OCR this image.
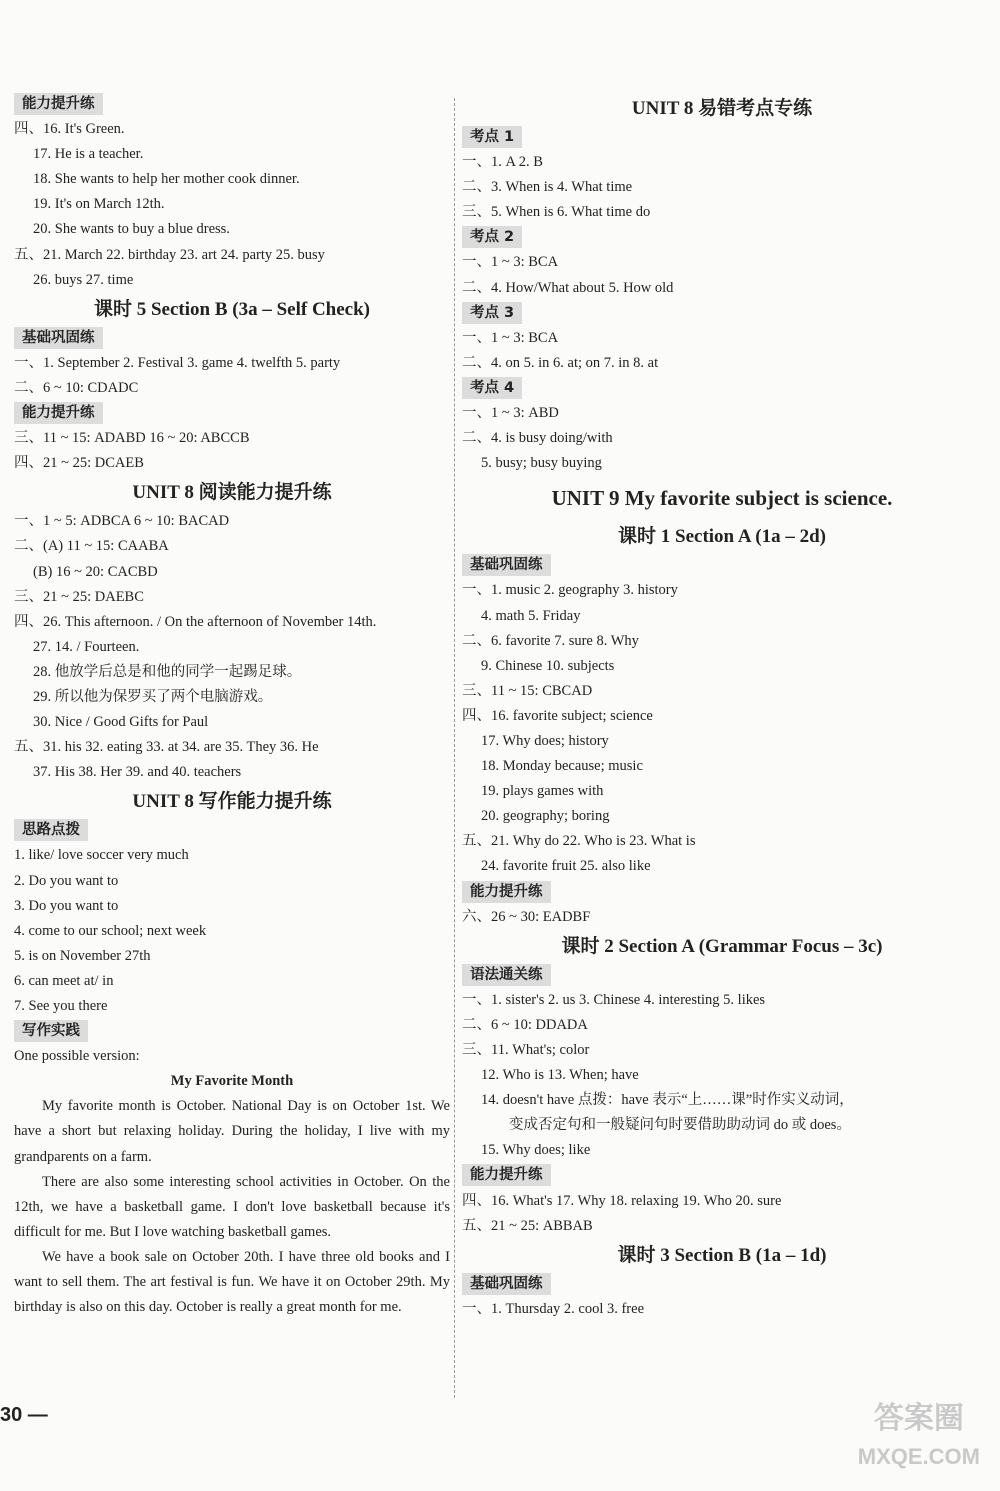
能力提升练
四、16. It's Green.
17. He is a teacher.
18. She wants to help her mother cook dinner.
19. It's on March 12th.
20. She wants to buy a blue dress.
五、21. March 22. birthday 23. art 24. party 25. busy
26. buys 27. time
课时 5 Section B (3a – Self Check)
基础巩固练
一、1. September 2. Festival 3. game 4. twelfth 5. party
二、6 ~ 10: CDADC
能力提升练
三、11 ~ 15: ADABD 16 ~ 20: ABCCB
四、21 ~ 25: DCAEB
UNIT 8 阅读能力提升练
一、1 ~ 5: ADBCA 6 ~ 10: BACAD
二、(A) 11 ~ 15: CAABA
(B) 16 ~ 20: CACBD
三、21 ~ 25: DAEBC
四、26. This afternoon. / On the afternoon of November 14th.
27. 14. / Fourteen.
28. 他放学后总是和他的同学一起踢足球。
29. 所以他为保罗买了两个电脑游戏。
30. Nice / Good Gifts for Paul
五、31. his 32. eating 33. at 34. are 35. They 36. He
37. His 38. Her 39. and 40. teachers
UNIT 8 写作能力提升练
思路点拨
1. like/ love soccer very much
2. Do you want to
3. Do you want to
4. come to our school; next week
5. is on November 27th
6. can meet at/ in
7. See you there
写作实践
One possible version:
My Favorite Month
My favorite month is October. National Day is on October 1st. We have a short but relaxing holiday. During the holiday, I live with my grandparents on a farm.
There are also some interesting school activities in October. On the 12th, we have a basketball game. I don't love basketball because it's difficult for me. But I love watching basketball games.
We have a book sale on October 20th. I have three old books and I want to sell them. The art festival is fun. We have it on October 29th. My birthday is also on this day. October is really a great month for me.
UNIT 8 易错考点专练
考点 1
一、1. A 2. B
二、3. When is 4. What time
三、5. When is 6. What time do
考点 2
一、1 ~ 3: BCA
二、4. How/What about 5. How old
考点 3
一、1 ~ 3: BCA
二、4. on 5. in 6. at; on 7. in 8. at
考点 4
一、1 ~ 3: ABD
二、4. is busy doing/with
5. busy; busy buying
UNIT 9 My favorite subject is science.
课时 1 Section A (1a – 2d)
基础巩固练
一、1. music 2. geography 3. history
4. math 5. Friday
二、6. favorite 7. sure 8. Why
9. Chinese 10. subjects
三、11 ~ 15: CBCAD
四、16. favorite subject; science
17. Why does; history
18. Monday because; music
19. plays games with
20. geography; boring
五、21. Why do 22. Who is 23. What is
24. favorite fruit 25. also like
能力提升练
六、26 ~ 30: EADBF
课时 2 Section A (Grammar Focus – 3c)
语法通关练
一、1. sister's 2. us 3. Chinese 4. interesting 5. likes
二、6 ~ 10: DDADA
三、11. What's; color
12. Who is 13. When; have
14. doesn't have 点拨：have 表示“上……课”时作实义动词，
变成否定句和一般疑问句时要借助助动词 do 或 does。
15. Why does; like
能力提升练
四、16. What's 17. Why 18. relaxing 19. Who 20. sure
五、21 ~ 25: ABBAB
课时 3 Section B (1a – 1d)
基础巩固练
一、1. Thursday 2. cool 3. free
30 —	答案圈
MXQE.COM
